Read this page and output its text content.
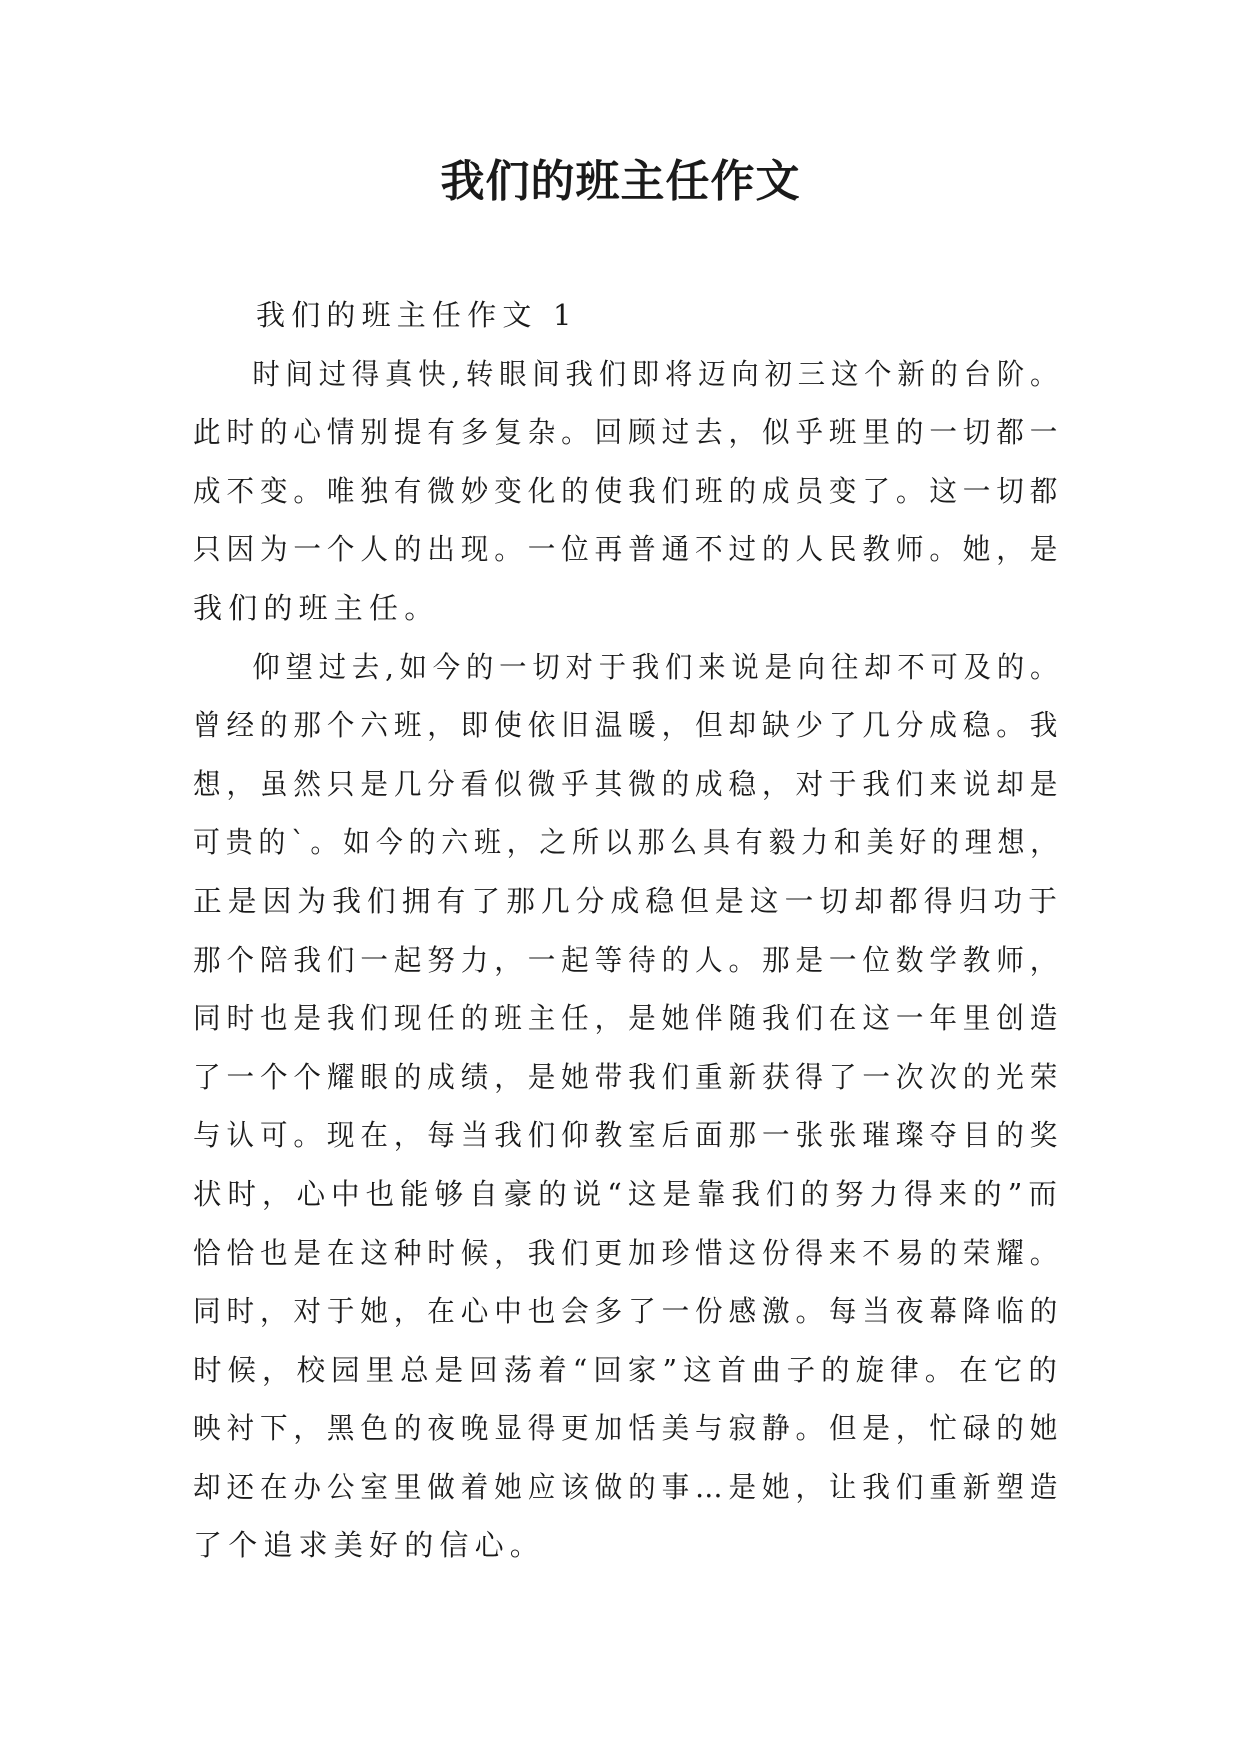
我们的班主任作文

我们的班主任作文 1

时间过得真快,转眼间我们即将迈向初三这个新的台阶。
此时的心情别提有多复杂。回顾过去，似乎班里的一切都一
成不变。唯独有微妙变化的使我们班的成员变了。这一切都
只因为一个人的出现。一位再普通不过的人民教师。她，是
我们的班主任。

仰望过去,如今的一切对于我们来说是向往却不可及的。
曾经的那个六班，即使依旧温暖，但却缺少了几分成稳。我
想，虽然只是几分看似微乎其微的成稳，对于我们来说却是
可贵的`。如今的六班，之所以那么具有毅力和美好的理想，
正是因为我们拥有了那几分成稳但是这一切却都得归功于
那个陪我们一起努力，一起等待的人。那是一位数学教师，
同时也是我们现任的班主任，是她伴随我们在这一年里创造
了一个个耀眼的成绩，是她带我们重新获得了一次次的光荣
与认可。现在，每当我们仰教室后面那一张张璀璨夺目的奖
状时，心中也能够自豪的说“这是靠我们的努力得来的”而
恰恰也是在这种时候，我们更加珍惜这份得来不易的荣耀。
同时，对于她，在心中也会多了一份感激。每当夜幕降临的
时候，校园里总是回荡着“回家”这首曲子的旋律。在它的
映衬下，黑色的夜晚显得更加恬美与寂静。但是，忙碌的她
却还在办公室里做着她应该做的事…是她，让我们重新塑造
了个追求美好的信心。
